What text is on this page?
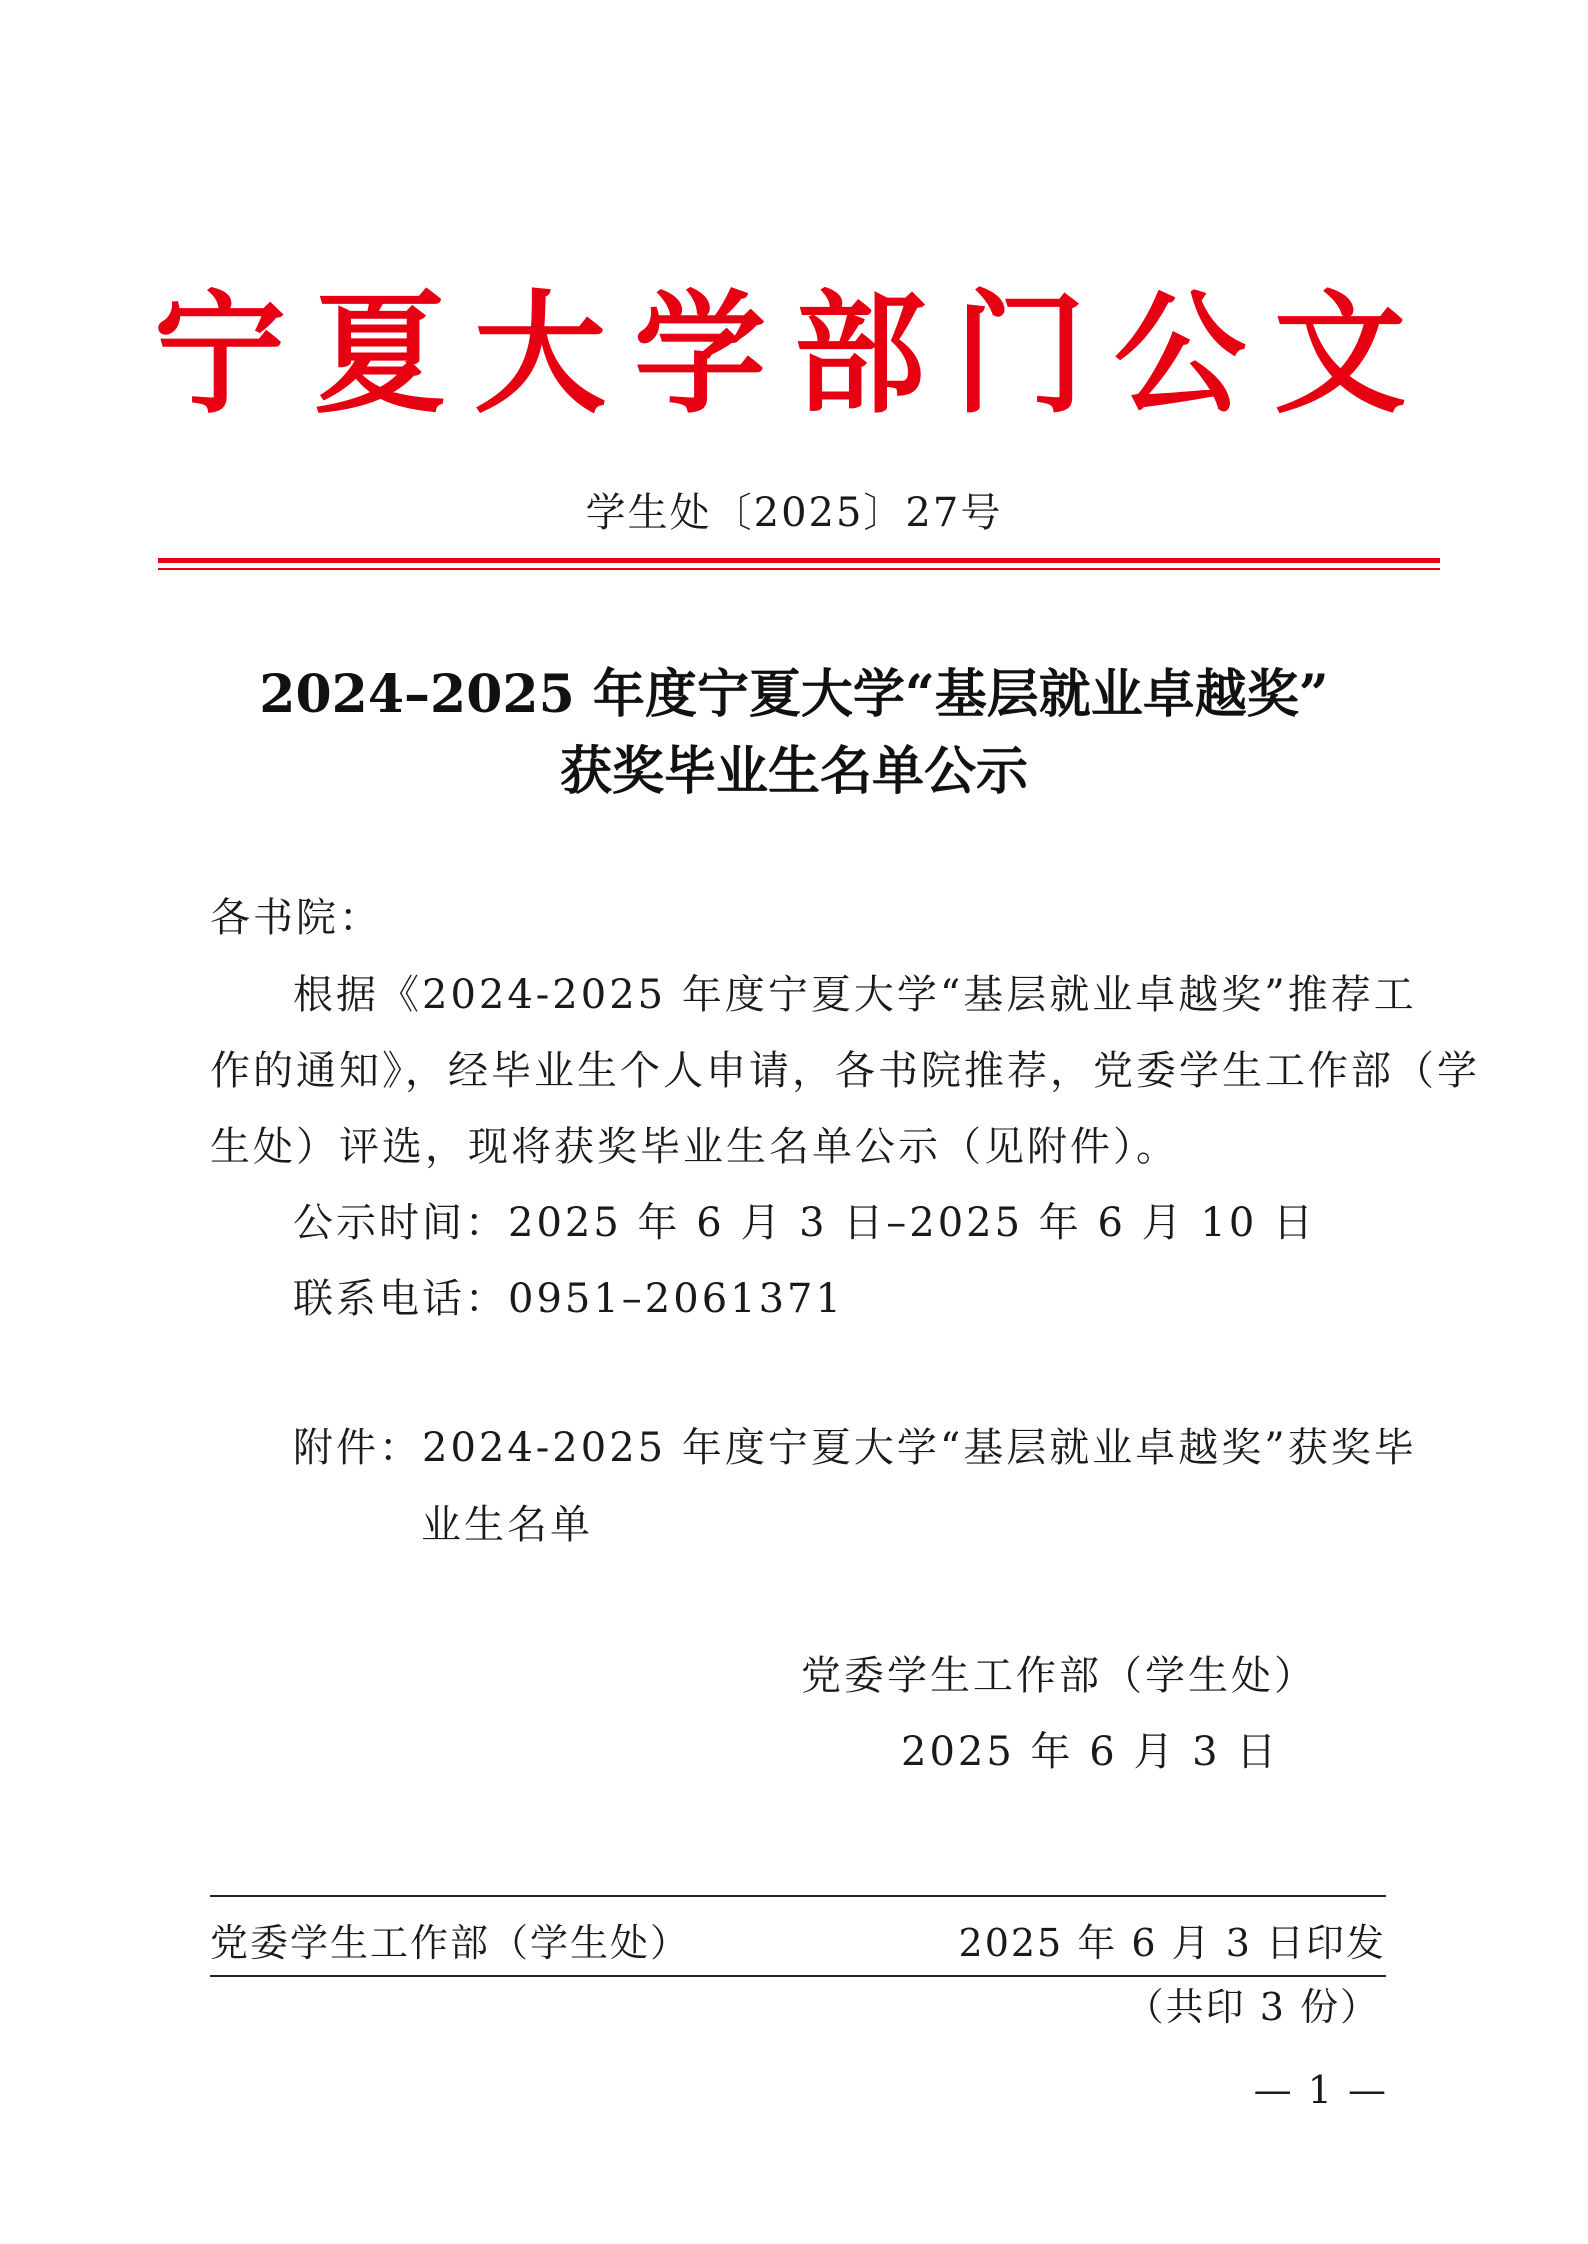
宁夏大学部门公文
学生处〔2025〕27号
2024–2025 年度宁夏大学“基层就业卓越奖”
获奖毕业生名单公示
各书院：
根据《2024-2025 年度宁夏大学“基层就业卓越奖”推荐工
作的通知》，经毕业生个人申请，各书院推荐，党委学生工作部（学
生处）评选，现将获奖毕业生名单公示（见附件）。
公示时间：2025 年 6 月 3 日–2025 年 6 月 10 日
联系电话：0951–2061371
附件：2024-2025 年度宁夏大学“基层就业卓越奖”获奖毕
业生名单
党委学生工作部（学生处）
2025 年 6 月 3 日
党委学生工作部（学生处）	2025 年 6 月 3 日印发
（共印 3 份）
— 1 —
